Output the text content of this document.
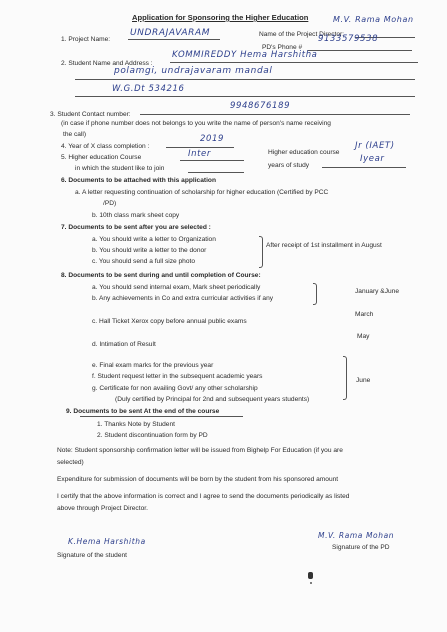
Application for Sponsoring the Higher Education
1. Project Name:
UNDRAJAVARAM	Name of the Project Director:
M.V. Rama Mohan
PD's Phone #
9133579538
2. Student Name and Address :
KOMMIREDDY Hema Harshitha
polamgi, undrajavaram mandal
W.G.Dt 534216
3. Student Contact number:
9948676189
(in case if phone number does not belongs to you write the name of person's name receiving
the call)
4. Year of X class completion :
2019
5. Higher education Course	Inter
in which the student like to join
Higher education course
Jr (IAET)
years of study
Iyear
6. Documents to be attached with this application
a. A letter requesting continuation of scholarship for higher education (Certified by PCC
/PD)
b. 10th class mark sheet copy
7. Documents to be sent after you are selected :
a. You should write a letter to Organization
b. You should write a letter to the donor
c. You should send a full size photo
After receipt of 1st installment in August
8. Documents to be sent during and until completion of Course:
a. You should send internal exam, Mark sheet periodically
b. Any achievements in Co and extra curricular activities if any
January &June
c. Hall Ticket Xerox copy before annual public exams
March
d. Intimation of Result
May
e. Final exam marks for the previous year
f. Student request letter in the subsequent academic years
g. Certificate for non availing Govt/ any other scholarship
(Duly certified by Principal for 2nd and subsequent years students)
June
9. Documents to be sent At the end of the course
1. Thanks Note by Student
2. Student discontinuation form by PD
Note: Student sponsorship confirmation letter will be issued from Bighelp For Education (if you are
selected)
Expenditure for submission of documents will be born by the student from his sponsored amount
I certify that the above information is correct and I agree to send the documents periodically as listed
above through Project Director.
K.Hema Harshitha
Signature of the student
M.V. Rama Mohan
Signature of the PD
